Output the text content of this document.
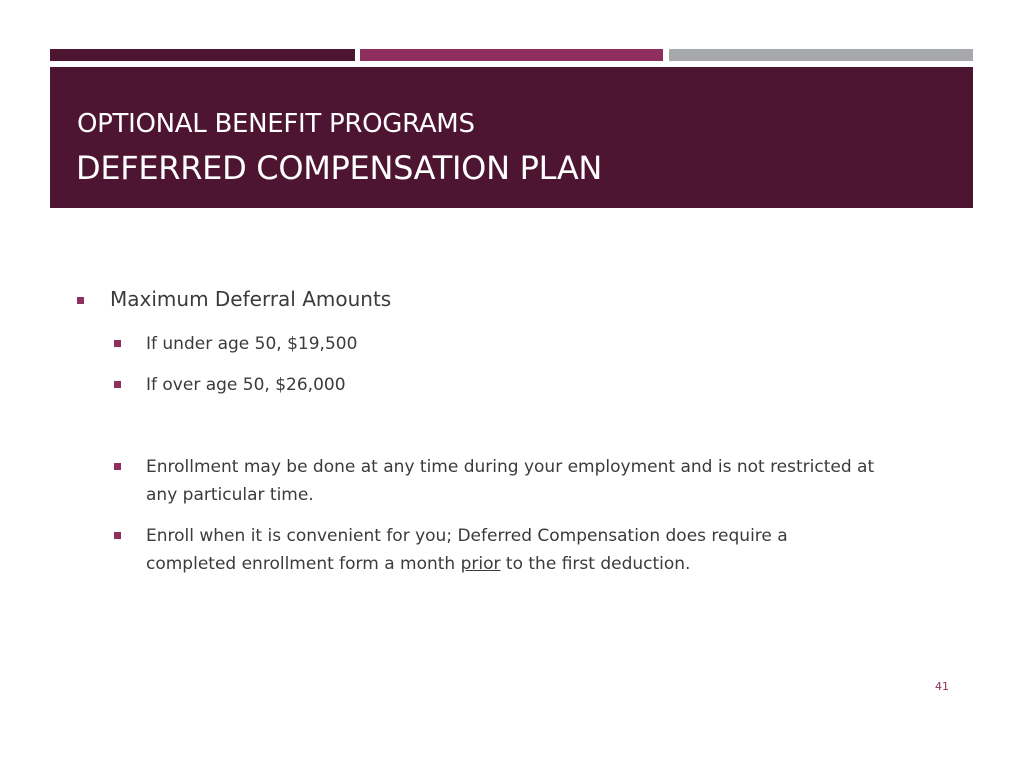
OPTIONAL BENEFIT PROGRAMS
DEFERRED COMPENSATION PLAN
Maximum Deferral Amounts
If under age 50, $19,500
If over age 50, $26,000
Enrollment may be done at any time during your employment and is not restricted at
any particular time.
Enroll when it is convenient for you; Deferred Compensation does require a
completed enrollment form a month prior to the first deduction.
41
